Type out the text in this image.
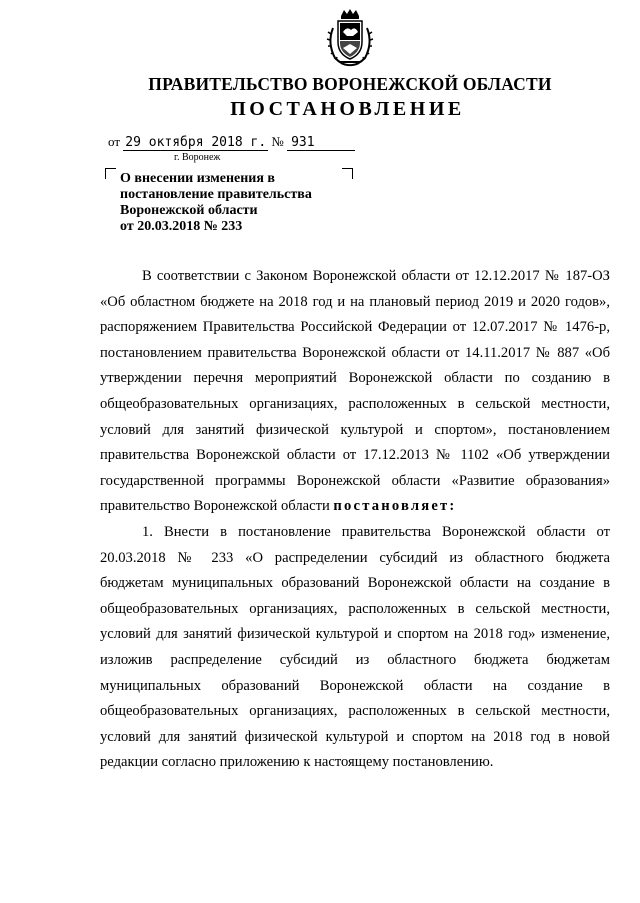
ПРАВИТЕЛЬСТВО ВОРОНЕЖСКОЙ ОБЛАСТИ
ПОСТАНОВЛЕНИЕ
от 29 октября 2018 г. № 931
г. Воронеж
О внесении изменения в
постановление правительства
Воронежской области
от 20.03.2018 № 233
В соответствии с Законом Воронежской области от 12.12.2017 № 187-ОЗ
«Об областном бюджете на 2018 год и на плановый период 2019 и 2020 годов»,
распоряжением Правительства Российской Федерации от 12.07.2017 № 1476-р,
постановлением правительства Воронежской области от 14.11.2017 № 887 «Об
утверждении перечня мероприятий Воронежской области по созданию в
общеобразовательных организациях, расположенных в сельской местности,
условий для занятий физической культурой и спортом», постановлением
правительства Воронежской области от 17.12.2013 № 1102 «Об утверждении
государственной программы Воронежской области «Развитие образования»
правительство Воронежской области постановляет:
1. Внести в постановление правительства Воронежской области от
20.03.2018 № 233 «О распределении субсидий из областного бюджета
бюджетам муниципальных образований Воронежской области на создание в
общеобразовательных организациях, расположенных в сельской местности,
условий для занятий физической культурой и спортом на 2018 год» изменение,
изложив распределение субсидий из областного бюджета бюджетам
муниципальных образований Воронежской области на создание в
общеобразовательных организациях, расположенных в сельской местности,
условий для занятий физической культурой и спортом на 2018 год в новой
редакции согласно приложению к настоящему постановлению.
